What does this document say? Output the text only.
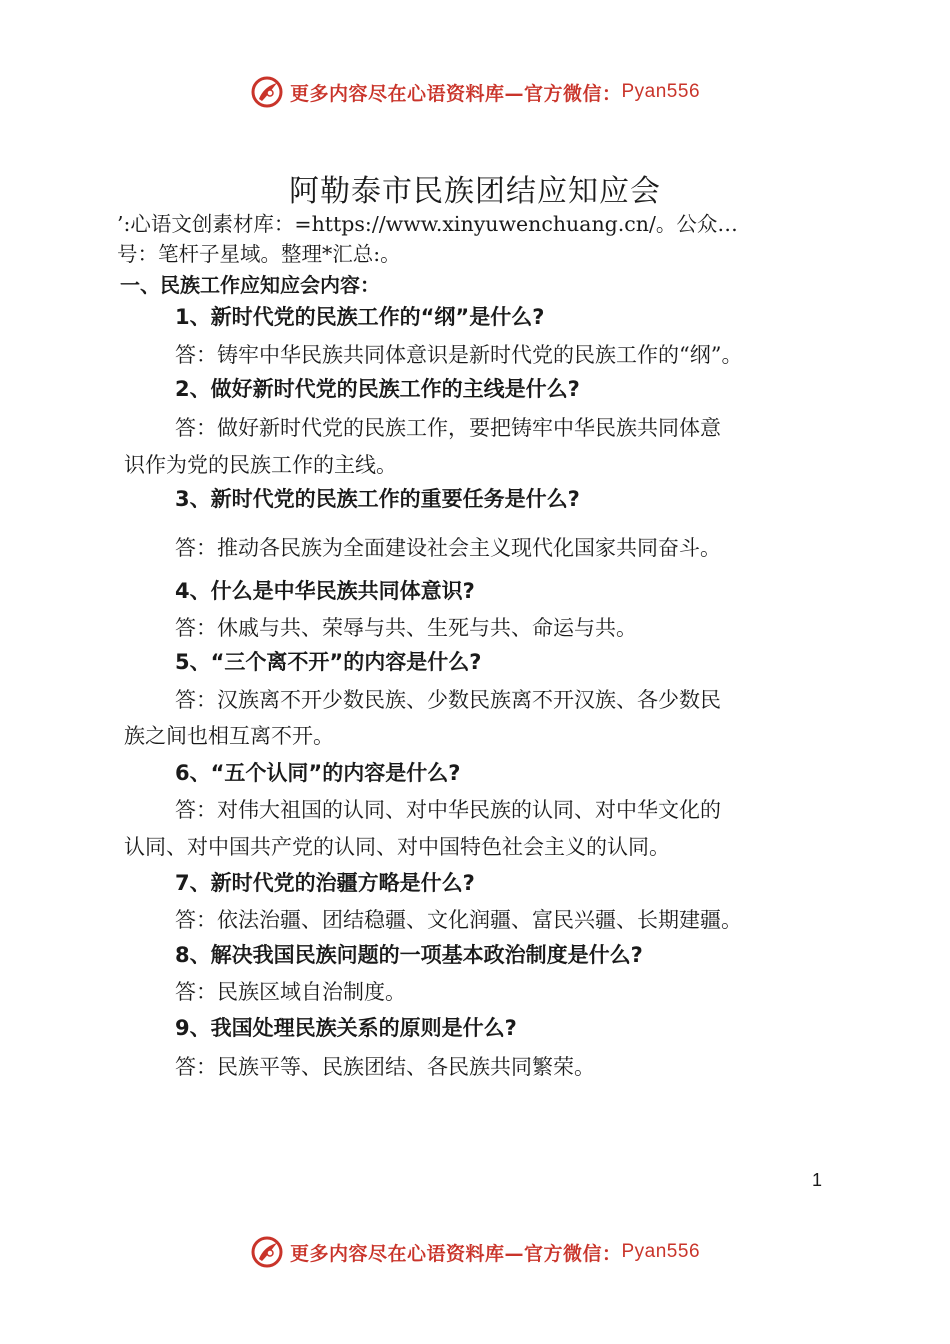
更多内容尽在心语资料库—官方微信： Pyan556
阿勒泰市民族团结应知应会
’:心语文创素材库：=https://www.xinyuwenchuang.cn/。公众…
号：笔杆子星域。整理*汇总:。
一、民族工作应知应会内容：
1、新时代党的民族工作的“纲”是什么?
答：铸牢中华民族共同体意识是新时代党的民族工作的“纲”。
2、做好新时代党的民族工作的主线是什么?
答：做好新时代党的民族工作，要把铸牢中华民族共同体意
识作为党的民族工作的主线。
3、新时代党的民族工作的重要任务是什么?
答：推动各民族为全面建设社会主义现代化国家共同奋斗。
4、什么是中华民族共同体意识?
答：休戚与共、荣辱与共、生死与共、命运与共。
5、“三个离不开”的内容是什么?
答：汉族离不开少数民族、少数民族离不开汉族、各少数民
族之间也相互离不开。
6、“五个认同”的内容是什么?
答：对伟大祖国的认同、对中华民族的认同、对中华文化的
认同、对中国共产党的认同、对中国特色社会主义的认同。
7、新时代党的治疆方略是什么?
答：依法治疆、团结稳疆、文化润疆、富民兴疆、长期建疆。
8、解决我国民族问题的一项基本政治制度是什么?
答：民族区域自治制度。
9、我国处理民族关系的原则是什么?
答：民族平等、民族团结、各民族共同繁荣。
1
更多内容尽在心语资料库—官方微信： Pyan556
